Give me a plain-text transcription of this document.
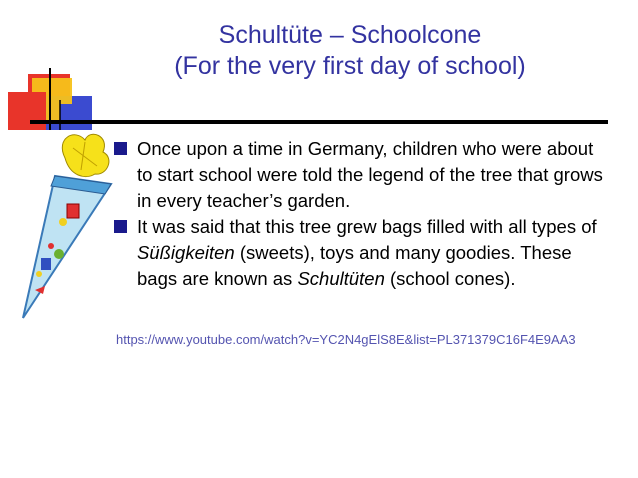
Schultüte – Schoolcone
(For the very first day of school)
Once upon a time in Germany, children who were about to start school were told the legend of the tree that grows in every teacher’s garden.
It was said that this tree grew bags filled with all types of Süßigkeiten (sweets), toys and many goodies. These bags are known as Schultüten (school cones).
https://www.youtube.com/watch?v=YC2N4gElS8E&list=PL371379C16F4E9AA3
